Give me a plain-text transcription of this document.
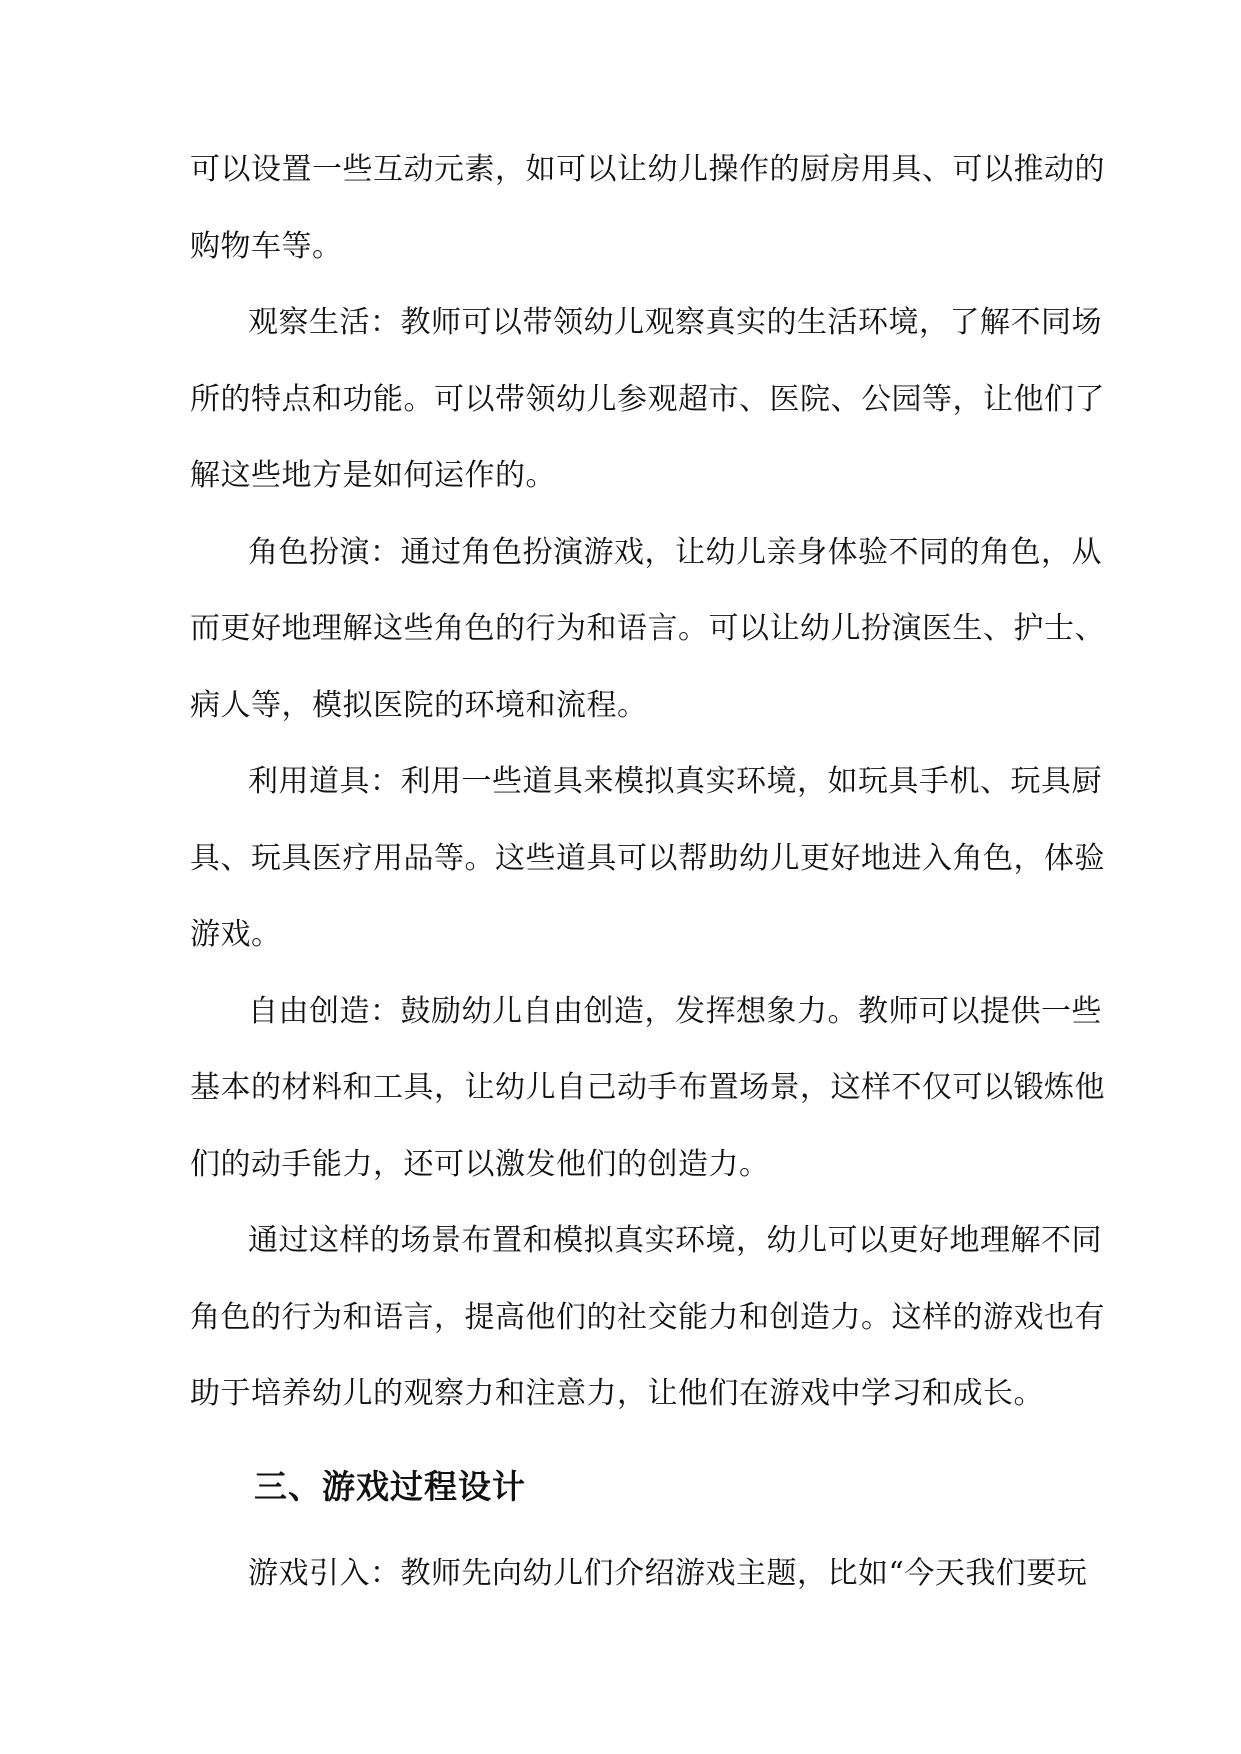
可以设置一些互动元素，如可以让幼儿操作的厨房用具、可以推动的
购物车等。
观察生活：教师可以带领幼儿观察真实的生活环境，了解不同场
所的特点和功能。可以带领幼儿参观超市、医院、公园等，让他们了
解这些地方是如何运作的。
角色扮演：通过角色扮演游戏，让幼儿亲身体验不同的角色，从
而更好地理解这些角色的行为和语言。可以让幼儿扮演医生、护士、
病人等，模拟医院的环境和流程。
利用道具：利用一些道具来模拟真实环境，如玩具手机、玩具厨
具、玩具医疗用品等。这些道具可以帮助幼儿更好地进入角色，体验
游戏。
自由创造：鼓励幼儿自由创造，发挥想象力。教师可以提供一些
基本的材料和工具，让幼儿自己动手布置场景，这样不仅可以锻炼他
们的动手能力，还可以激发他们的创造力。
通过这样的场景布置和模拟真实环境，幼儿可以更好地理解不同
角色的行为和语言，提高他们的社交能力和创造力。这样的游戏也有
助于培养幼儿的观察力和注意力，让他们在游戏中学习和成长。
三、游戏过程设计
游戏引入：教师先向幼儿们介绍游戏主题，比如“今天我们要玩
